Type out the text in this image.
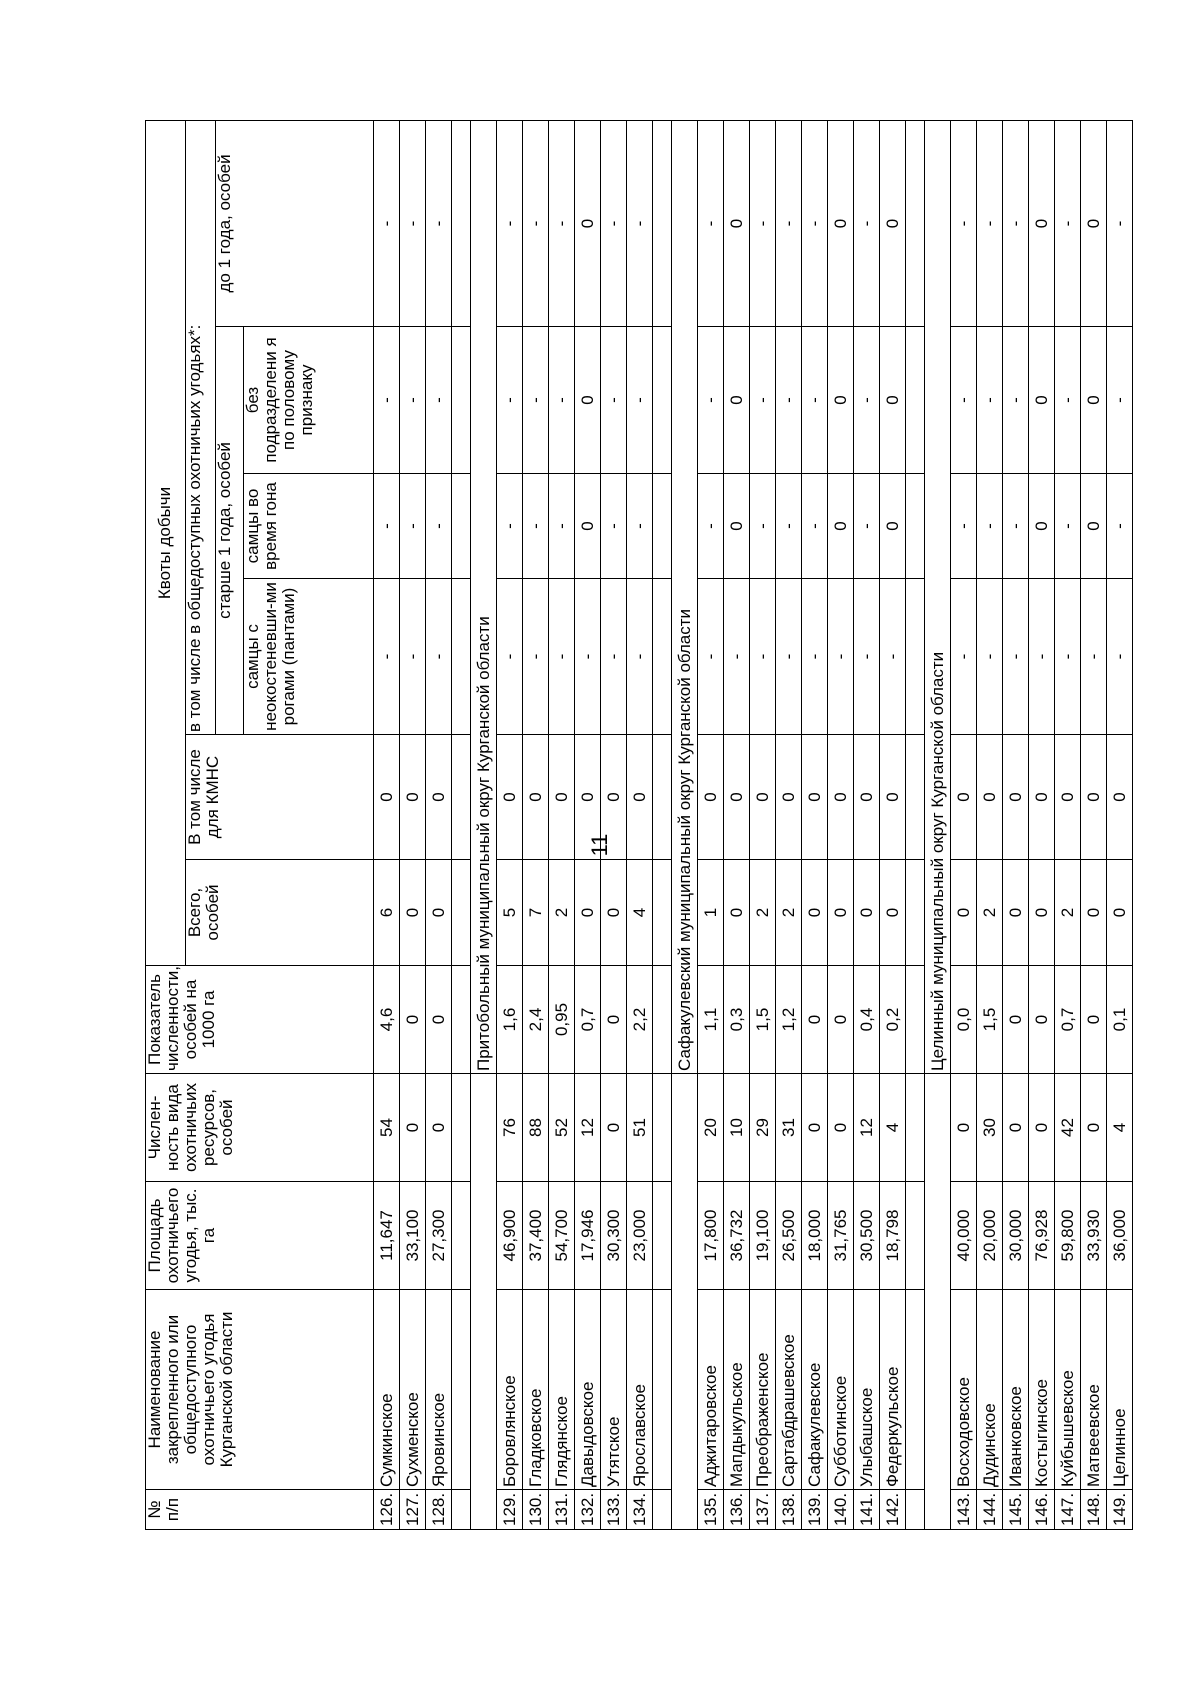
11
№ п/п	Наименование закрепленного или общедоступного охотничьего угодья Курганской области	Площадь охотничьего угодья, тыс. га	Числен-ность вида охотничьих ресурсов, особей	Показатель численности, особей на 1000 га	Квоты добычи					
					Всего, особей	В том числе для КМНС	в том числе в общедоступных охотничьих угодьях*:			
							старше 1 года, особей			до 1 года, особей
							самцы с неокостеневши-ми рогами (пантами)	самцы во время гона	без подразделени я по половому признаку	
126.	Сумкинское	11,647	54	4,6	6	0	-	-	-	-
127.	Сухменское	33,100	0	0	0	0	-	-	-	-
128.	Яровинское	27,300	0	0	0	0	-	-	-	-

				Притобольный муниципальный округ Курганской области						
129.	Боровлянское	46,900	76	1,6	5	0	-	-	-	-
130.	Гладковское	37,400	88	2,4	7	0	-	-	-	-
131.	Глядянское	54,700	52	0,95	2	0	-	-	-	-
132.	Давыдовское	17,946	12	0,7	0	0	-	0	0	0
133.	Утятское	30,300	0	0	0	0	-	-	-	-
134.	Ярославское	23,000	51	2,2	4	0	-	-	-	-

				Сафакулевский муниципальный округ Курганской области						
135.	Аджитаровское	17,800	20	1,1	1	0	-	-	-	-
136.	Мапдыкульское	36,732	10	0,3	0	0	-	0	0	0
137.	Преображенское	19,100	29	1,5	2	0	-	-	-	-
138.	Сартабдрашевское	26,500	31	1,2	2	0	-	-	-	-
139.	Сафакулевское	18,000	0	0	0	0	-	-	-	-
140.	Субботинское	31,765	0	0	0	0	-	0	0	0
141.	Улыбашское	30,500	12	0,4	0	0	-	-	-	-
142.	Федеркульское	18,798	4	0,2	0	0	-	0	0	0

				Целинный муниципальный округ Курганской области						
143.	Восходовское	40,000	0	0,0	0	0	-	-	-	-
144.	Дудинское	20,000	30	1,5	2	0	-	-	-	-
145.	Иванковское	30,000	0	0	0	0	-	-	-	-
146.	Костыгинское	76,928	0	0	0	0	-	0	0	0
147.	Куйбышевское	59,800	42	0,7	2	0	-	-	-	-
148.	Матвеевское	33,930	0	0	0	0	-	0	0	0
149.	Целинное	36,000	4	0,1	0	0	-	-	-	-
